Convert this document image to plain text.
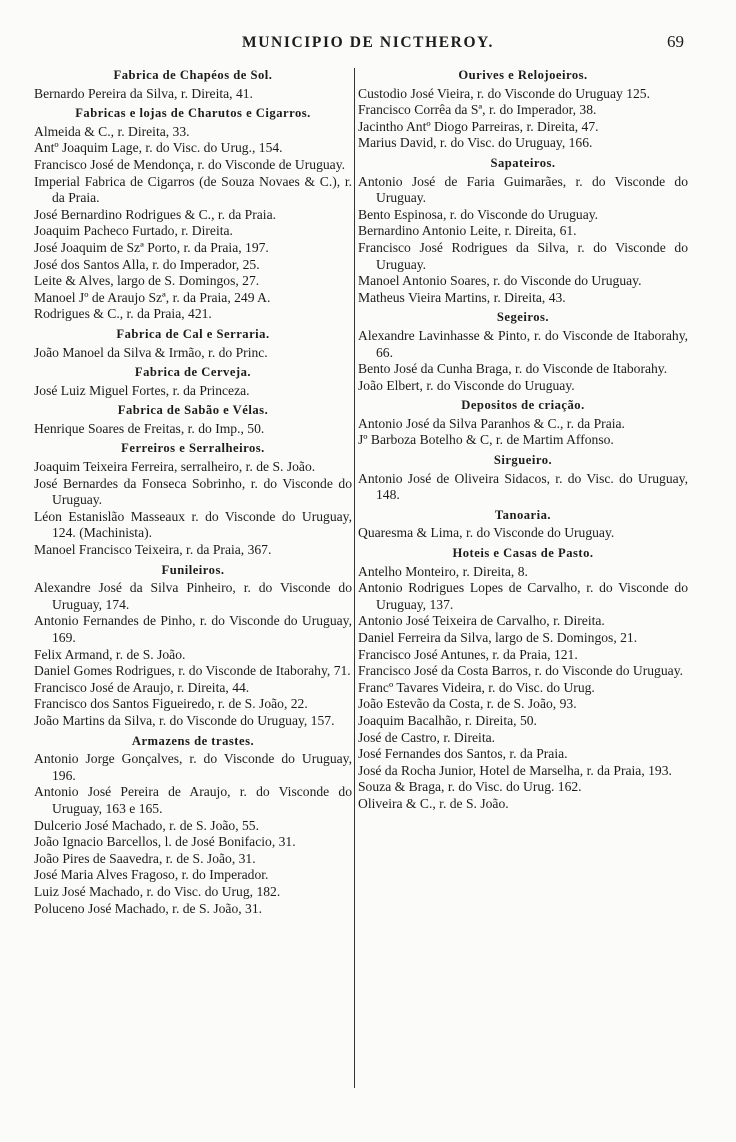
MUNICIPIO DE NICTHEROY.	69
Fabrica de Chapéos de Sol.
Bernardo Pereira da Silva, r. Direita, 41.
Fabricas e lojas de Charutos e Cigarros.
Almeida & C., r. Direita, 33.
Antº Joaquim Lage, r. do Visc. do Urug., 154.
Francisco José de Mendonça, r. do Visconde de Uruguay.
Imperial Fabrica de Cigarros (de Souza Novaes & C.), r. da Praia.
José Bernardino Rodrigues & C., r. da Praia.
Joaquim Pacheco Furtado, r. Direita.
José Joaquim de Szª Porto, r. da Praia, 197.
José dos Santos Alla, r. do Imperador, 25.
Leite & Alves, largo de S. Domingos, 27.
Manoel Jº de Araujo Szª, r. da Praia, 249 A.
Rodrigues & C., r. da Praia, 421.
Fabrica de Cal e Serraria.
João Manoel da Silva & Irmão, r. do Princ.
Fabrica de Cerveja.
José Luiz Miguel Fortes, r. da Princeza.
Fabrica de Sabão e Vélas.
Henrique Soares de Freitas, r. do Imp., 50.
Ferreiros e Serralheiros.
Joaquim Teixeira Ferreira, serralheiro, r. de S. João.
José Bernardes da Fonseca Sobrinho, r. do Visconde do Uruguay.
Léon Estanislão Masseaux r. do Visconde do Uruguay, 124. (Machinista).
Manoel Francisco Teixeira, r. da Praia, 367.
Funileiros.
Alexandre José da Silva Pinheiro, r. do Visconde do Uruguay, 174.
Antonio Fernandes de Pinho, r. do Visconde do Uruguay, 169.
Felix Armand, r. de S. João.
Daniel Gomes Rodrigues, r. do Visconde de Itaborahy, 71.
Francisco José de Araujo, r. Direita, 44.
Francisco dos Santos Figueiredo, r. de S. João, 22.
João Martins da Silva, r. do Visconde do Uruguay, 157.
Armazens de trastes.
Antonio Jorge Gonçalves, r. do Visconde do Uruguay, 196.
Antonio José Pereira de Araujo, r. do Visconde do Uruguay, 163 e 165.
Dulcerio José Machado, r. de S. João, 55.
João Ignacio Barcellos, l. de José Bonifacio, 31.
João Pires de Saavedra, r. de S. João, 31.
José Maria Alves Fragoso, r. do Imperador.
Luiz José Machado, r. do Visc. do Urug, 182.
Poluceno José Machado, r. de S. João, 31.
Ourives e Relojoeiros.
Custodio José Vieira, r. do Visconde do Uruguay 125.
Francisco Corrêa da Sª, r. do Imperador, 38.
Jacintho Antº Diogo Parreiras, r. Direita, 47.
Marius David, r. do Visc. do Uruguay, 166.
Sapateiros.
Antonio José de Faria Guimarães, r. do Visconde do Uruguay.
Bento Espinosa, r. do Visconde do Uruguay.
Bernardino Antonio Leite, r. Direita, 61.
Francisco José Rodrigues da Silva, r. do Visconde do Uruguay.
Manoel Antonio Soares, r. do Visconde do Uruguay.
Matheus Vieira Martins, r. Direita, 43.
Segeiros.
Alexandre Lavinhasse & Pinto, r. do Visconde de Itaborahy, 66.
Bento José da Cunha Braga, r. do Visconde de Itaborahy.
João Elbert, r. do Visconde do Uruguay.
Depositos de criação.
Antonio José da Silva Paranhos & C., r. da Praia.
Jº Barboza Botelho & C, r. de Martim Affonso.
Sirgueiro.
Antonio José de Oliveira Sidacos, r. do Visc. do Uruguay, 148.
Tanoaria.
Quaresma & Lima, r. do Visconde do Uruguay.
Hoteis e Casas de Pasto.
Antelho Monteiro, r. Direita, 8.
Antonio Rodrigues Lopes de Carvalho, r. do Visconde do Uruguay, 137.
Antonio José Teixeira de Carvalho, r. Direita.
Daniel Ferreira da Silva, largo de S. Domingos, 21.
Francisco José Antunes, r. da Praia, 121.
Francisco José da Costa Barros, r. do Visconde do Uruguay.
Francº Tavares Videira, r. do Visc. do Urug.
João Estevão da Costa, r. de S. João, 93.
Joaquim Bacalhão, r. Direita, 50.
José de Castro, r. Direita.
José Fernandes dos Santos, r. da Praia.
José da Rocha Junior, Hotel de Marselha, r. da Praia, 193.
Souza & Braga, r. do Visc. do Urug. 162.
Oliveira & C., r. de S. João.
